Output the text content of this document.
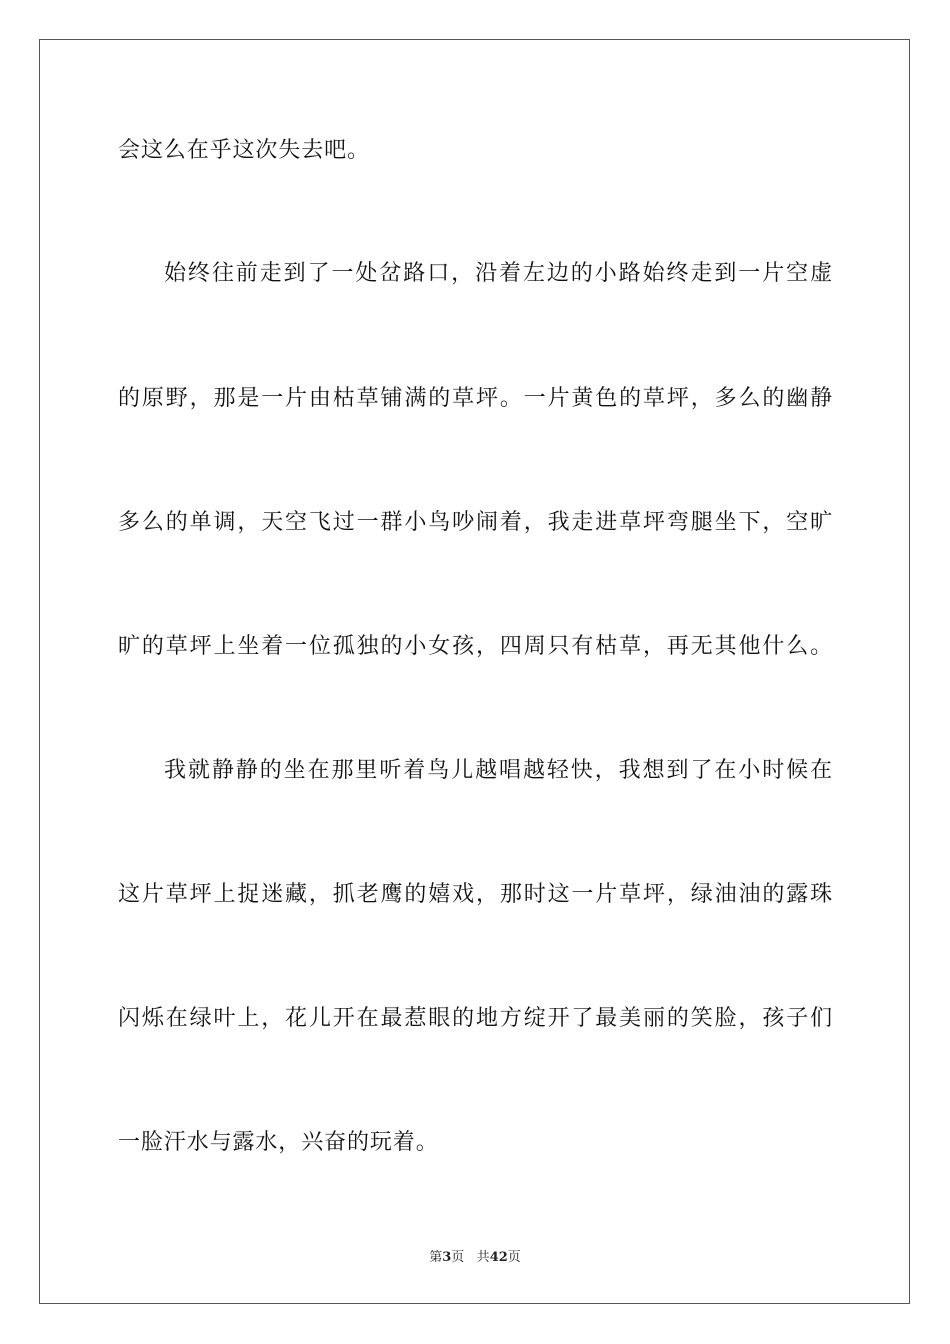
会这么在乎这次失去吧。
始终往前走到了一处岔路口，沿着左边的小路始终走到一片空虚
的原野，那是一片由枯草铺满的草坪。一片黄色的草坪，多么的幽静
多么的单调，天空飞过一群小鸟吵闹着，我走进草坪弯腿坐下，空旷
旷的草坪上坐着一位孤独的小女孩，四周只有枯草，再无其他什么。
我就静静的坐在那里听着鸟儿越唱越轻快，我想到了在小时候在
这片草坪上捉迷藏，抓老鹰的嬉戏，那时这一片草坪，绿油油的露珠
闪烁在绿叶上，花儿开在最惹眼的地方绽开了最美丽的笑脸，孩子们
一脸汗水与露水，兴奋的玩着。
第3页 共42页
